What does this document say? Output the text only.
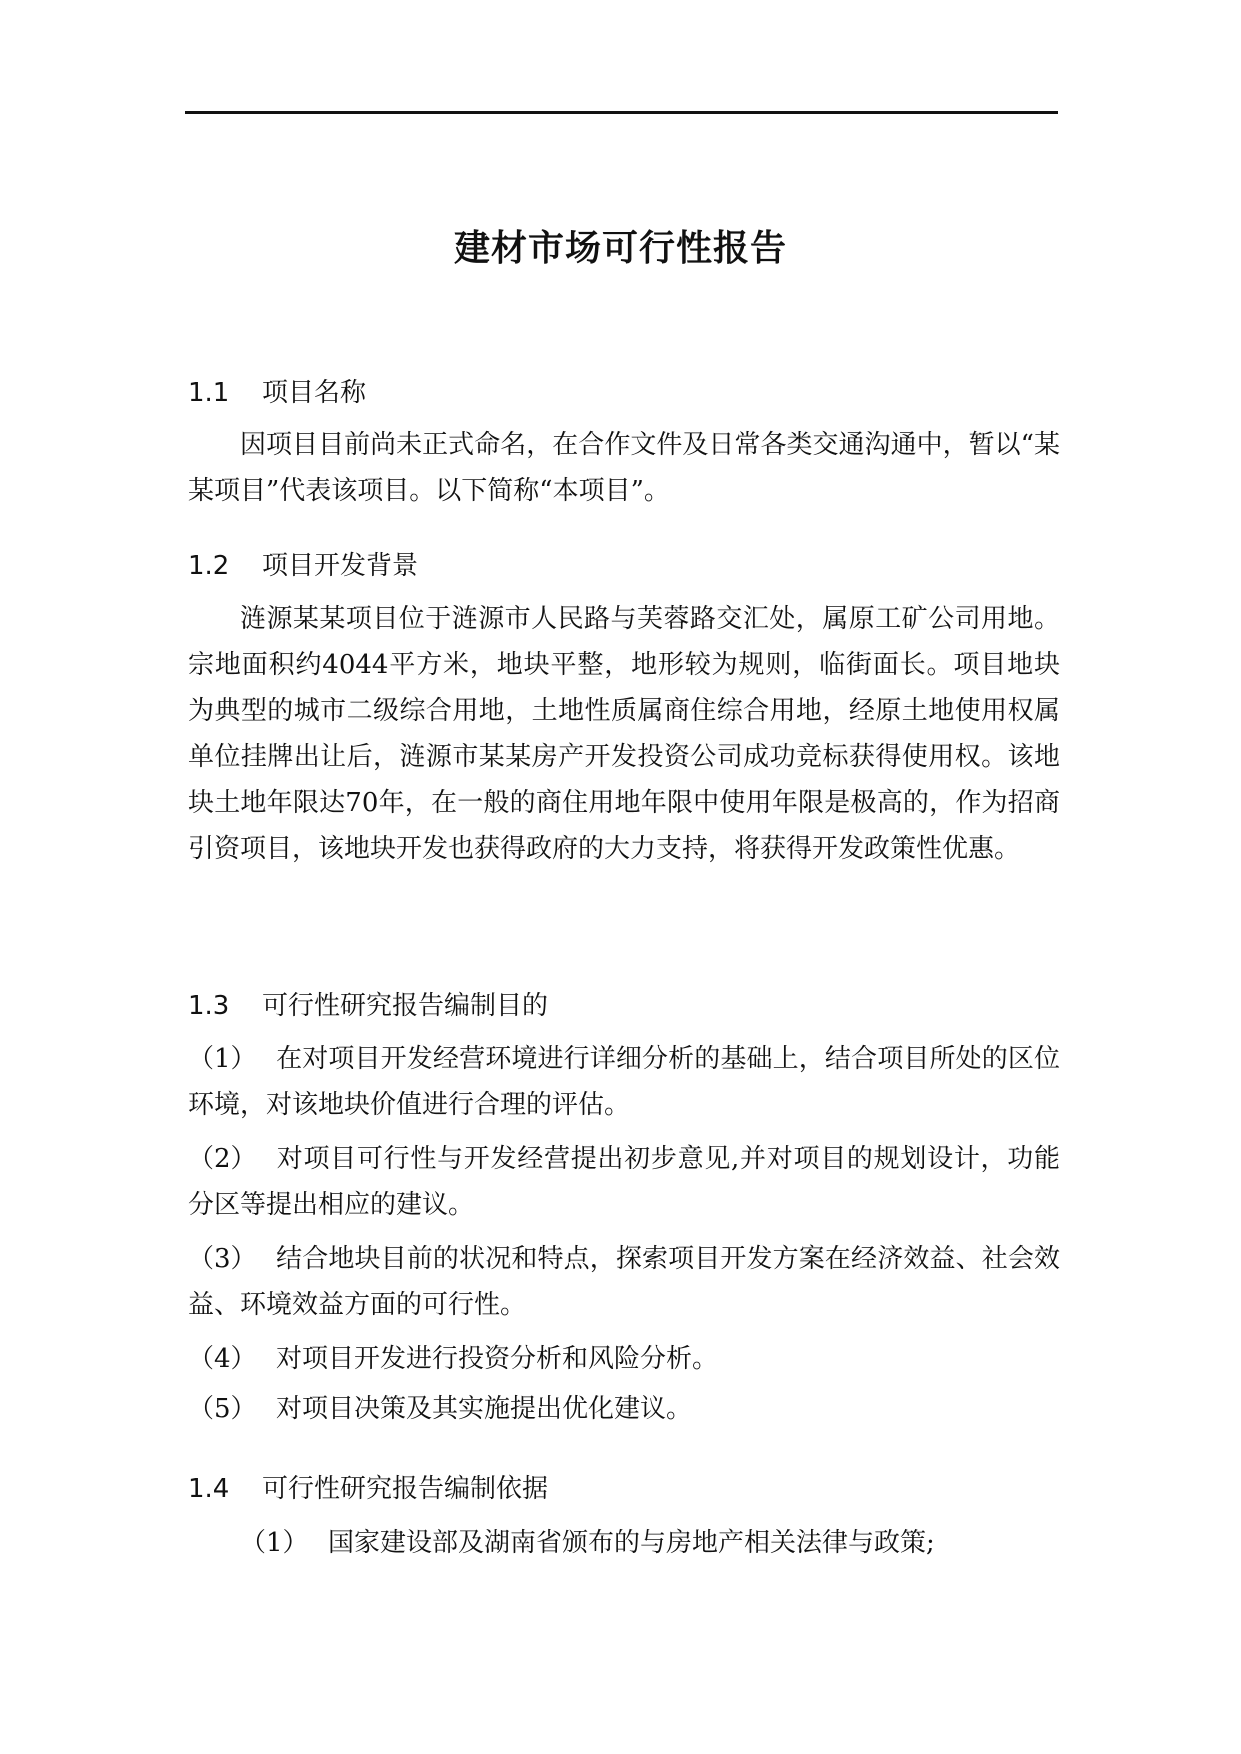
建材市场可行性报告
1.1 项目名称
因项目目前尚未正式命名，在合作文件及日常各类交通沟通中，暂以“某某项目”代表该项目。以下简称“本项目”。
1.2 项目开发背景
涟源某某项目位于涟源市人民路与芙蓉路交汇处，属原工矿公司用地。宗地面积约4044平方米，地块平整，地形较为规则，临街面长。项目地块为典型的城市二级综合用地，土地性质属商住综合用地，经原土地使用权属单位挂牌出让后，涟源市某某房产开发投资公司成功竞标获得使用权。该地块土地年限达70年，在一般的商住用地年限中使用年限是极高的，作为招商引资项目，该地块开发也获得政府的大力支持，将获得开发政策性优惠。
1.3 可行性研究报告编制目的
（1） 在对项目开发经营环境进行详细分析的基础上，结合项目所处的区位环境，对该地块价值进行合理的评估。
（2） 对项目可行性与开发经营提出初步意见,并对项目的规划设计，功能分区等提出相应的建议。
（3） 结合地块目前的状况和特点，探索项目开发方案在经济效益、社会效益、环境效益方面的可行性。
（4） 对项目开发进行投资分析和风险分析。
（5） 对项目决策及其实施提出优化建议。
1.4 可行性研究报告编制依据
（1） 国家建设部及湖南省颁布的与房地产相关法律与政策;
